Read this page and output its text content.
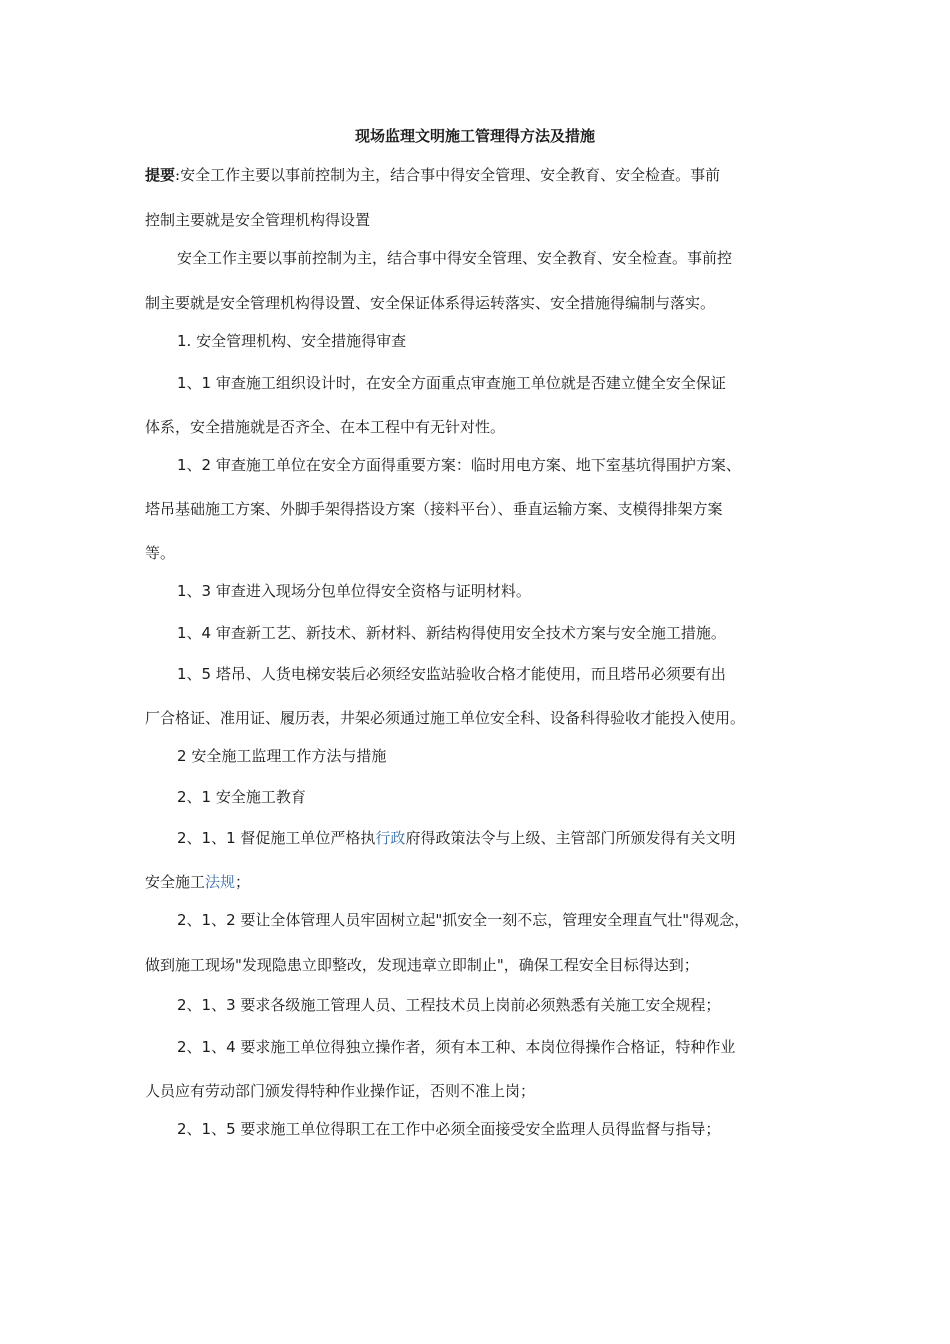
现场监理文明施工管理得方法及措施
提要:安全工作主要以事前控制为主，结合事中得安全管理、安全教育、安全检查。事前
控制主要就是安全管理机构得设置
安全工作主要以事前控制为主，结合事中得安全管理、安全教育、安全检查。事前控
制主要就是安全管理机构得设置、安全保证体系得运转落实、安全措施得编制与落实。
1. 安全管理机构、安全措施得审查
1、1 审查施工组织设计时，在安全方面重点审查施工单位就是否建立健全安全保证
体系，安全措施就是否齐全、在本工程中有无针对性。
1、2 审查施工单位在安全方面得重要方案：临时用电方案、地下室基坑得围护方案、
塔吊基础施工方案、外脚手架得搭设方案（接料平台）、垂直运输方案、支模得排架方案
等。
1、3 审查进入现场分包单位得安全资格与证明材料。
1、4 审查新工艺、新技术、新材料、新结构得使用安全技术方案与安全施工措施。
1、5 塔吊、人货电梯安装后必须经安监站验收合格才能使用，而且塔吊必须要有出
厂合格证、准用证、履历表，井架必须通过施工单位安全科、设备科得验收才能投入使用。
2 安全施工监理工作方法与措施
2、1 安全施工教育
2、1、1 督促施工单位严格执行政府得政策法令与上级、主管部门所颁发得有关文明
安全施工法规；
2、1、2 要让全体管理人员牢固树立起"抓安全一刻不忘，管理安全理直气壮"得观念，
做到施工现场"发现隐患立即整改，发现违章立即制止"，确保工程安全目标得达到；
2、1、3 要求各级施工管理人员、工程技术员上岗前必须熟悉有关施工安全规程；
2、1、4 要求施工单位得独立操作者，须有本工种、本岗位得操作合格证，特种作业
人员应有劳动部门颁发得特种作业操作证，否则不准上岗；
2、1、5 要求施工单位得职工在工作中必须全面接受安全监理人员得监督与指导；
